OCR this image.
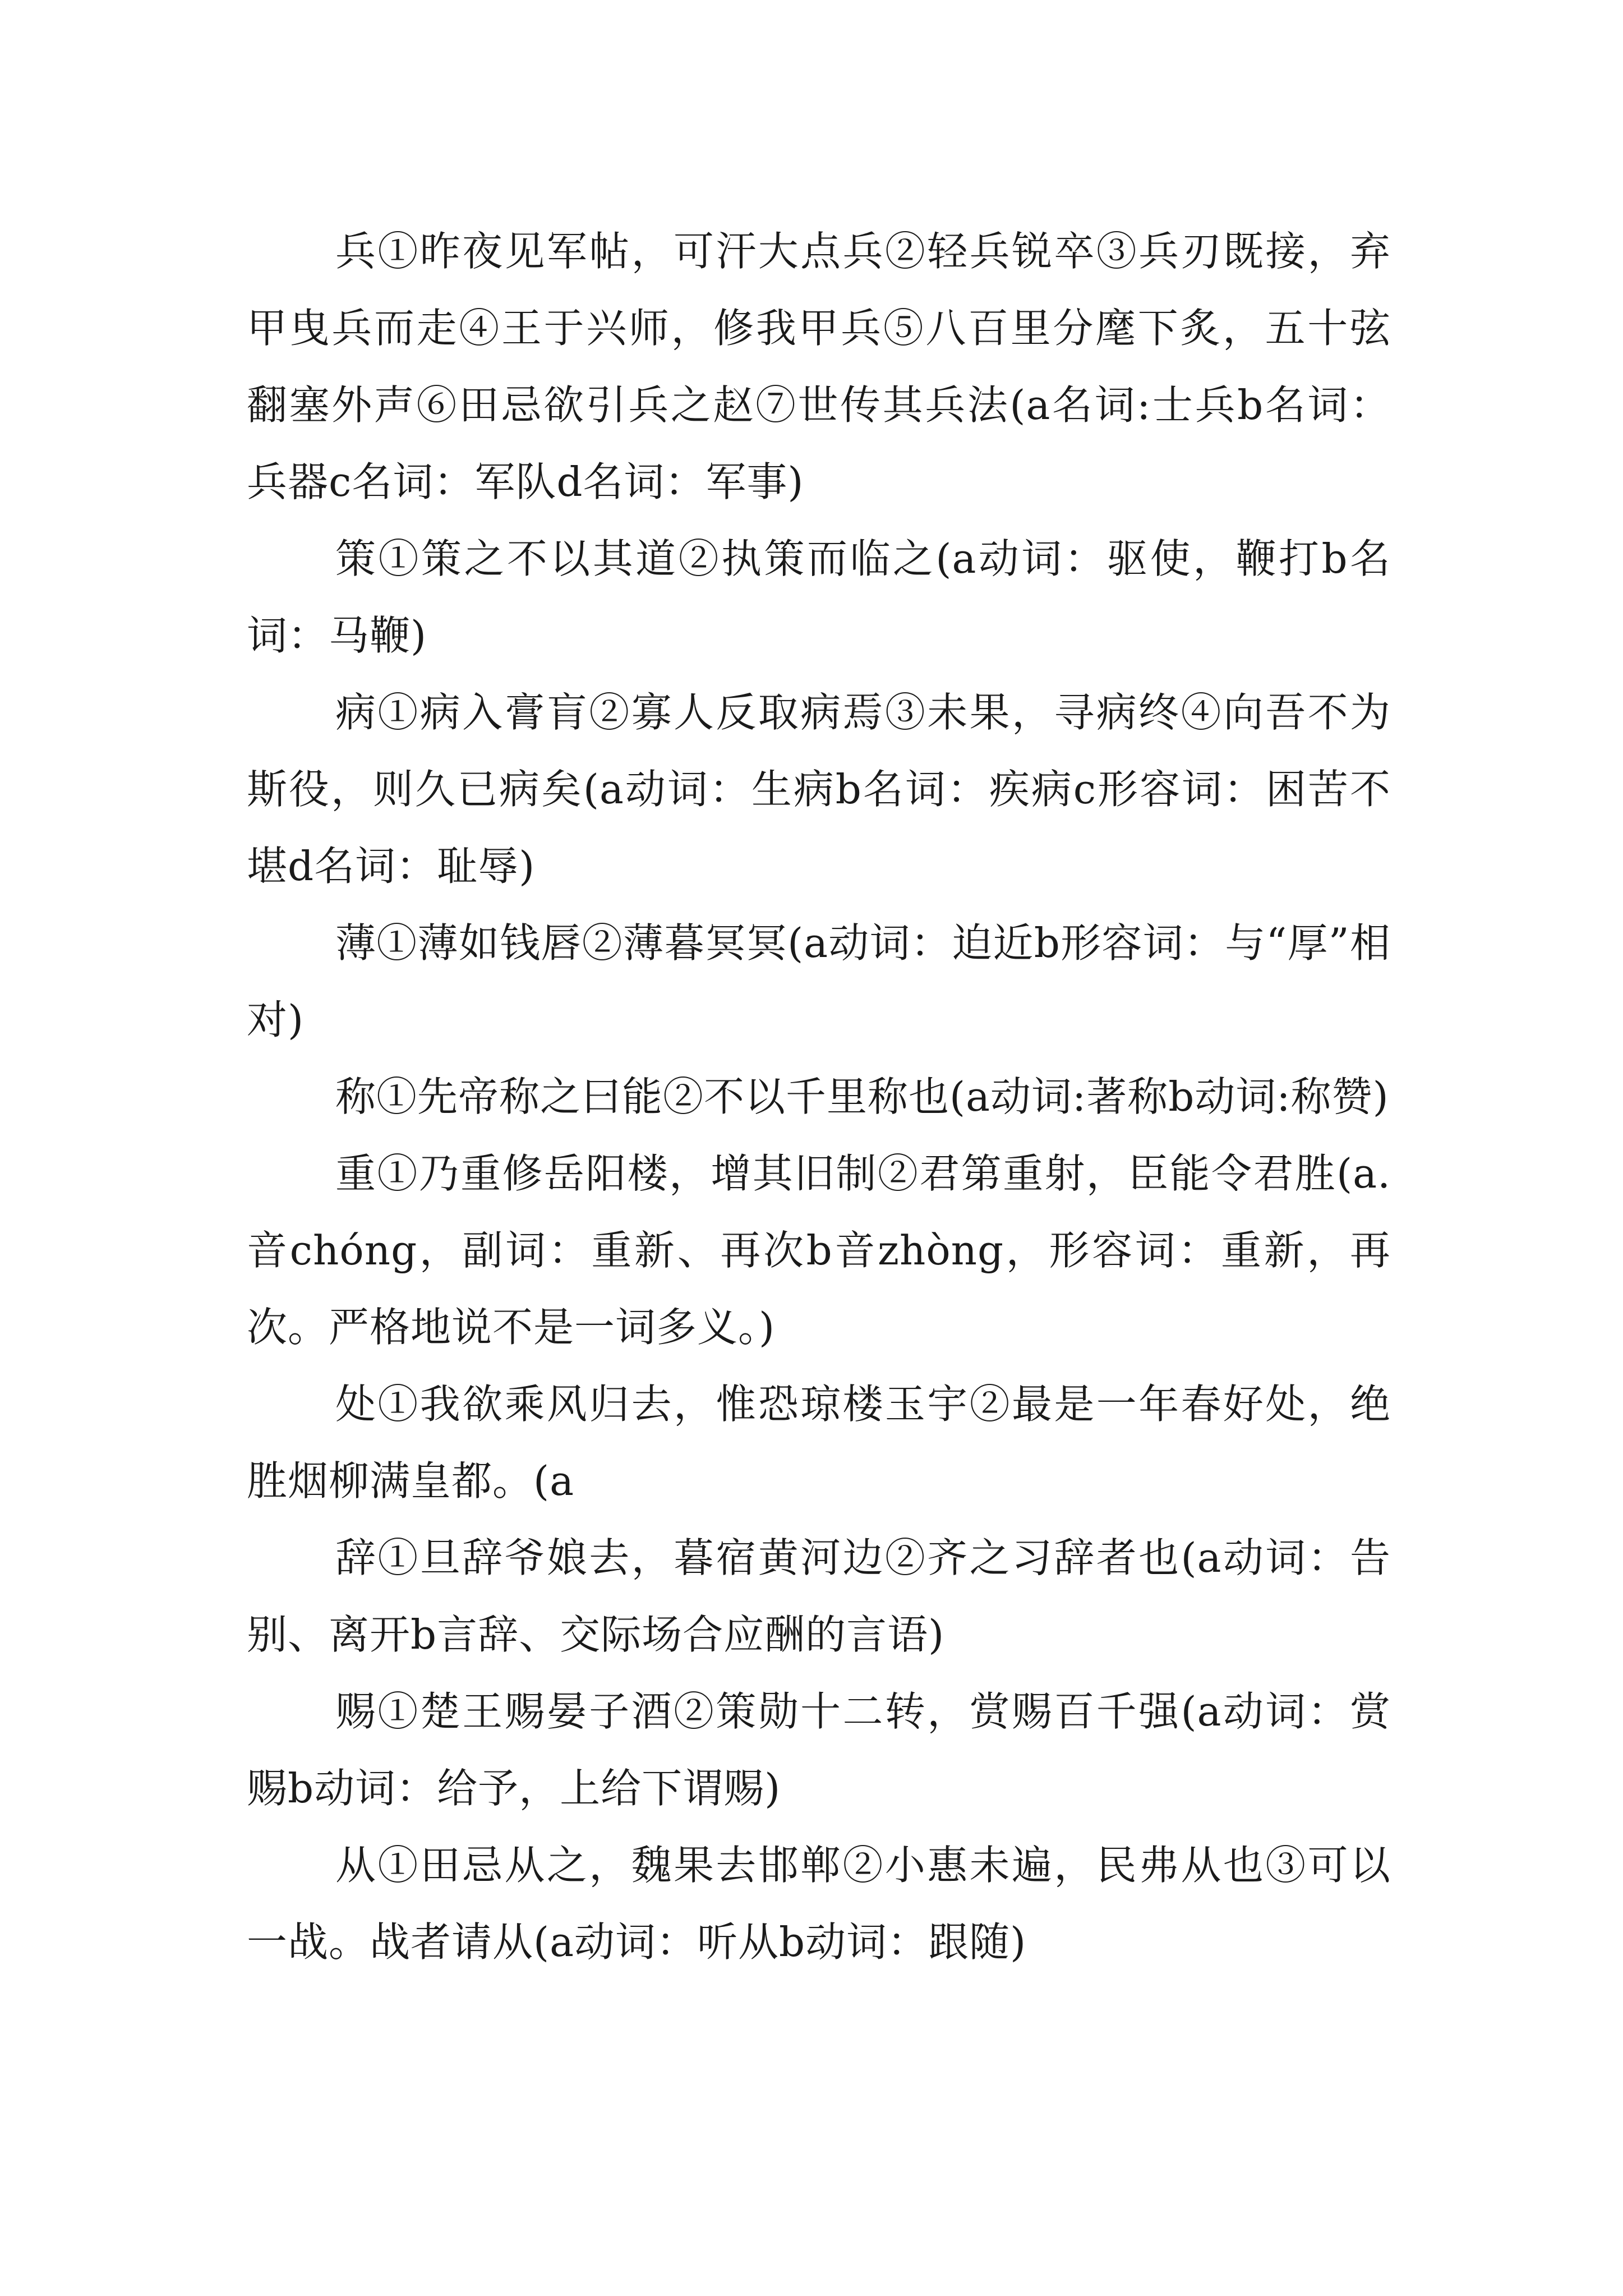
兵①昨夜见军帖，可汗大点兵②轻兵锐卒③兵刃既接，弃甲曳兵而走④王于兴师，修我甲兵⑤八百里分麾下炙，五十弦翻塞外声⑥田忌欲引兵之赵⑦世传其兵法(a名词:士兵b名词：兵器c名词：军队d名词：军事)

策①策之不以其道②执策而临之(a动词：驱使，鞭打b名词：马鞭)

病①病入膏肓②寡人反取病焉③未果，寻病终④向吾不为斯役，则久已病矣(a动词：生病b名词：疾病c形容词：困苦不堪d名词：耻辱)

薄①薄如钱唇②薄暮冥冥(a动词：迫近b形容词：与“厚”相对)

称①先帝称之曰能②不以千里称也(a动词:著称b动词:称赞)

重①乃重修岳阳楼，增其旧制②君第重射，臣能令君胜(a.音chóng，副词：重新、再次b音zhòng，形容词：重新，再次。严格地说不是一词多义。)

处①我欲乘风归去，惟恐琼楼玉宇②最是一年春好处，绝胜烟柳满皇都。(a

辞①旦辞爷娘去，暮宿黄河边②齐之习辞者也(a动词：告别、离开b言辞、交际场合应酬的言语)

赐①楚王赐晏子酒②策勋十二转，赏赐百千强(a动词：赏赐b动词：给予，上给下谓赐)

从①田忌从之，魏果去邯郸②小惠未遍，民弗从也③可以一战。战者请从(a动词：听从b动词：跟随)
